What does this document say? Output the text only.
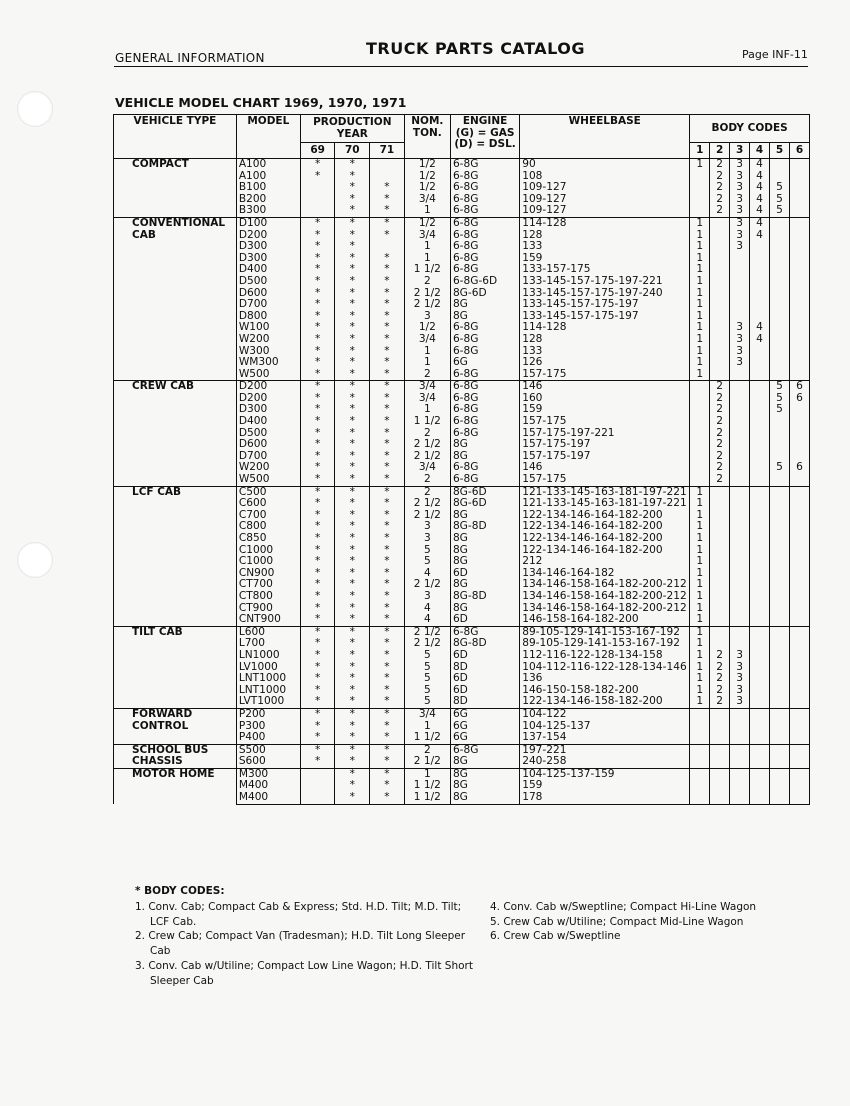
GENERAL INFORMATION	TRUCK PARTS CATALOG	Page INF-11
VEHICLE MODEL CHART 1969, 1970, 1971
VEHICLE TYPE	MODEL	PRODUCTION YEAR			NOM. TON.	ENGINE (G) = GAS (D) = DSL.	WHEELBASE	BODY CODES					
		69	70	71				1	2	3	4	5	6
COMPACT	A100	*	*		1/2	6-8G	90	1	2	3	4		
	A100	*	*		1/2	6-8G	108		2	3	4		
	B100		*	*	1/2	6-8G	109-127		2	3	4	5	
	B200		*	*	3/4	6-8G	109-127		2	3	4	5	
	B300		*	*	1	6-8G	109-127		2	3	4	5	
CONVENTIONAL CAB	D100	*	*	*	1/2	6-8G	114-128	1		3	4		
	D200	*	*	*	3/4	6-8G	128	1		3	4		
	D300	*	*		1	6-8G	133	1		3			
	D300	*	*	*	1	6-8G	159	1					
	D400	*	*	*	1 1/2	6-8G	133-157-175	1					
	D500	*	*	*	2	6-8G-6D	133-145-157-175-197-221	1					
	D600	*	*	*	2 1/2	8G-6D	133-145-157-175-197-240	1					
	D700	*	*	*	2 1/2	8G	133-145-157-175-197	1					
	D800	*	*	*	3	8G	133-145-157-175-197	1					
	W100	*	*	*	1/2	6-8G	114-128	1		3	4		
	W200	*	*	*	3/4	6-8G	128	1		3	4		
	W300	*	*	*	1	6-8G	133	1		3			
	WM300	*	*	*	1	6G	126	1		3			
	W500	*	*	*	2	6-8G	157-175	1					
CREW CAB	D200	*	*	*	3/4	6-8G	146		2			5	6
	D200	*	*	*	3/4	6-8G	160		2			5	6
	D300	*	*	*	1	6-8G	159		2			5	
	D400	*	*	*	1 1/2	6-8G	157-175		2				
	D500	*	*	*	2	6-8G	157-175-197-221		2				
	D600	*	*	*	2 1/2	8G	157-175-197		2				
	D700	*	*	*	2 1/2	8G	157-175-197		2				
	W200	*	*	*	3/4	6-8G	146		2			5	6
	W500	*	*	*	2	6-8G	157-175		2				
LCF CAB	C500	*	*	*	2	8G-6D	121-133-145-163-181-197-221	1					
	C600	*	*	*	2 1/2	8G-6D	121-133-145-163-181-197-221	1					
	C700	*	*	*	2 1/2	8G	122-134-146-164-182-200	1					
	C800	*	*	*	3	8G-8D	122-134-146-164-182-200	1					
	C850	*	*	*	3	8G	122-134-146-164-182-200	1					
	C1000	*	*	*	5	8G	122-134-146-164-182-200	1					
	C1000	*	*	*	5	8G	212	1					
	CN900	*	*	*	4	6D	134-146-164-182	1					
	CT700	*	*	*	2 1/2	8G	134-146-158-164-182-200-212	1					
	CT800	*	*	*	3	8G-8D	134-146-158-164-182-200-212	1					
	CT900	*	*	*	4	8G	134-146-158-164-182-200-212	1					
	CNT900	*	*	*	4	6D	146-158-164-182-200	1					
TILT CAB	L600	*	*	*	2 1/2	6-8G	89-105-129-141-153-167-192	1					
	L700	*	*	*	2 1/2	8G-8D	89-105-129-141-153-167-192	1					
	LN1000	*	*	*	5	6D	112-116-122-128-134-158	1	2	3			
	LV1000	*	*	*	5	8D	104-112-116-122-128-134-146	1	2	3			
	LNT1000	*	*	*	5	6D	136	1	2	3			
	LNT1000	*	*	*	5	6D	146-150-158-182-200	1	2	3			
	LVT1000	*	*	*	5	8D	122-134-146-158-182-200	1	2	3			
FORWARD CONTROL	P200	*	*	*	3/4	6G	104-122						
	P300	*	*	*	1	6G	104-125-137						
	P400	*	*	*	1 1/2	6G	137-154						
SCHOOL BUS CHASSIS	S500	*	*	*	2	6-8G	197-221						
	S600	*	*	*	2 1/2	8G	240-258						
MOTOR HOME	M300		*	*	1	8G	104-125-137-159						
	M400		*	*	1 1/2	8G	159						
	M400		*	*	1 1/2	8G	178						
* BODY CODES:

1. Conv. Cab; Compact Cab & Express; Std. H.D. Tilt; M.D. Tilt; LCF Cab.

2. Crew Cab; Compact Van (Tradesman); H.D. Tilt Long Sleeper Cab

3. Conv. Cab w/Utiline; Compact Low Line Wagon; H.D. Tilt Short Sleeper Cab

4. Conv. Cab w/Sweptline; Compact Hi-Line Wagon

5. Crew Cab w/Utiline; Compact Mid-Line Wagon

6. Crew Cab w/Sweptline
